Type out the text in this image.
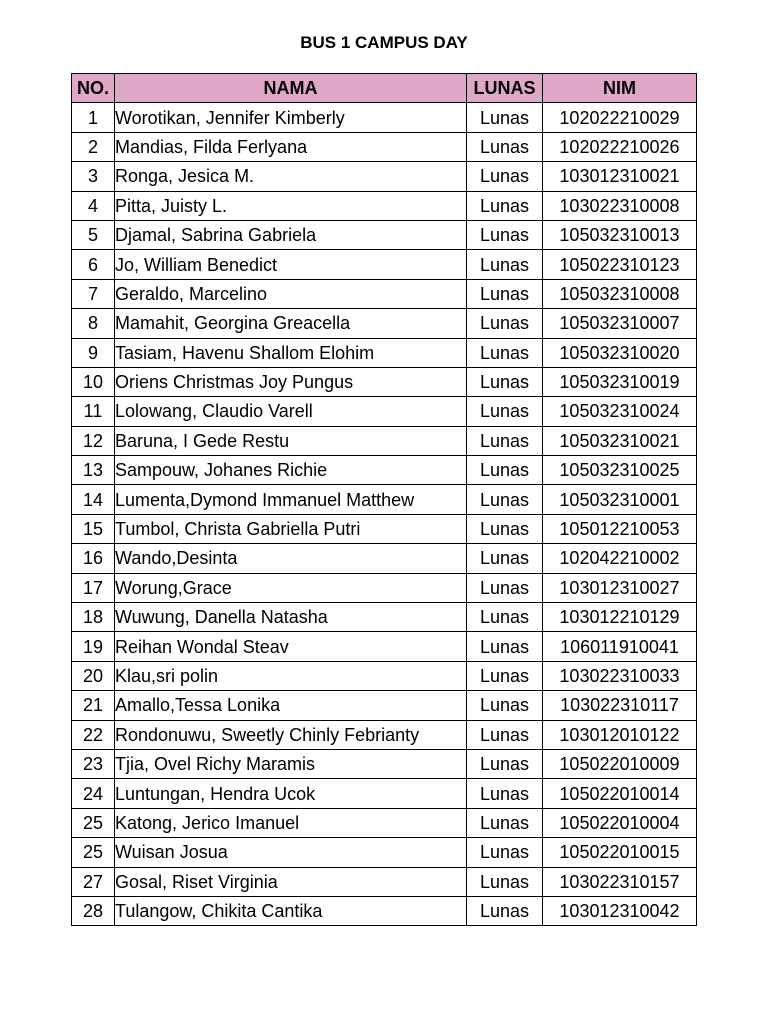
BUS 1 CAMPUS DAY
NO.	NAMA	LUNAS	NIM
1	Worotikan, Jennifer Kimberly	Lunas	102022210029
2	Mandias, Filda Ferlyana	Lunas	102022210026
3	Ronga, Jesica M.	Lunas	103012310021
4	Pitta, Juisty L.	Lunas	103022310008
5	Djamal, Sabrina Gabriela	Lunas	105032310013
6	Jo, William Benedict	Lunas	105022310123
7	Geraldo, Marcelino	Lunas	105032310008
8	Mamahit, Georgina Greacella	Lunas	105032310007
9	Tasiam, Havenu Shallom Elohim	Lunas	105032310020
10	Oriens Christmas Joy Pungus	Lunas	105032310019
11	Lolowang, Claudio Varell	Lunas	105032310024
12	Baruna, I Gede Restu	Lunas	105032310021
13	Sampouw, Johanes Richie	Lunas	105032310025
14	Lumenta,Dymond Immanuel Matthew	Lunas	105032310001
15	Tumbol, Christa Gabriella Putri	Lunas	105012210053
16	Wando,Desinta	Lunas	102042210002
17	Worung,Grace	Lunas	103012310027
18	Wuwung, Danella Natasha	Lunas	103012210129
19	Reihan Wondal Steav	Lunas	106011910041
20	Klau,sri polin	Lunas	103022310033
21	Amallo,Tessa Lonika	Lunas	103022310117
22	Rondonuwu, Sweetly Chinly Febrianty	Lunas	103012010122
23	Tjia, Ovel Richy Maramis	Lunas	105022010009
24	Luntungan, Hendra Ucok	Lunas	105022010014
25	Katong, Jerico Imanuel	Lunas	105022010004
25	Wuisan Josua	Lunas	105022010015
27	Gosal, Riset Virginia	Lunas	103022310157
28	Tulangow, Chikita Cantika	Lunas	103012310042
